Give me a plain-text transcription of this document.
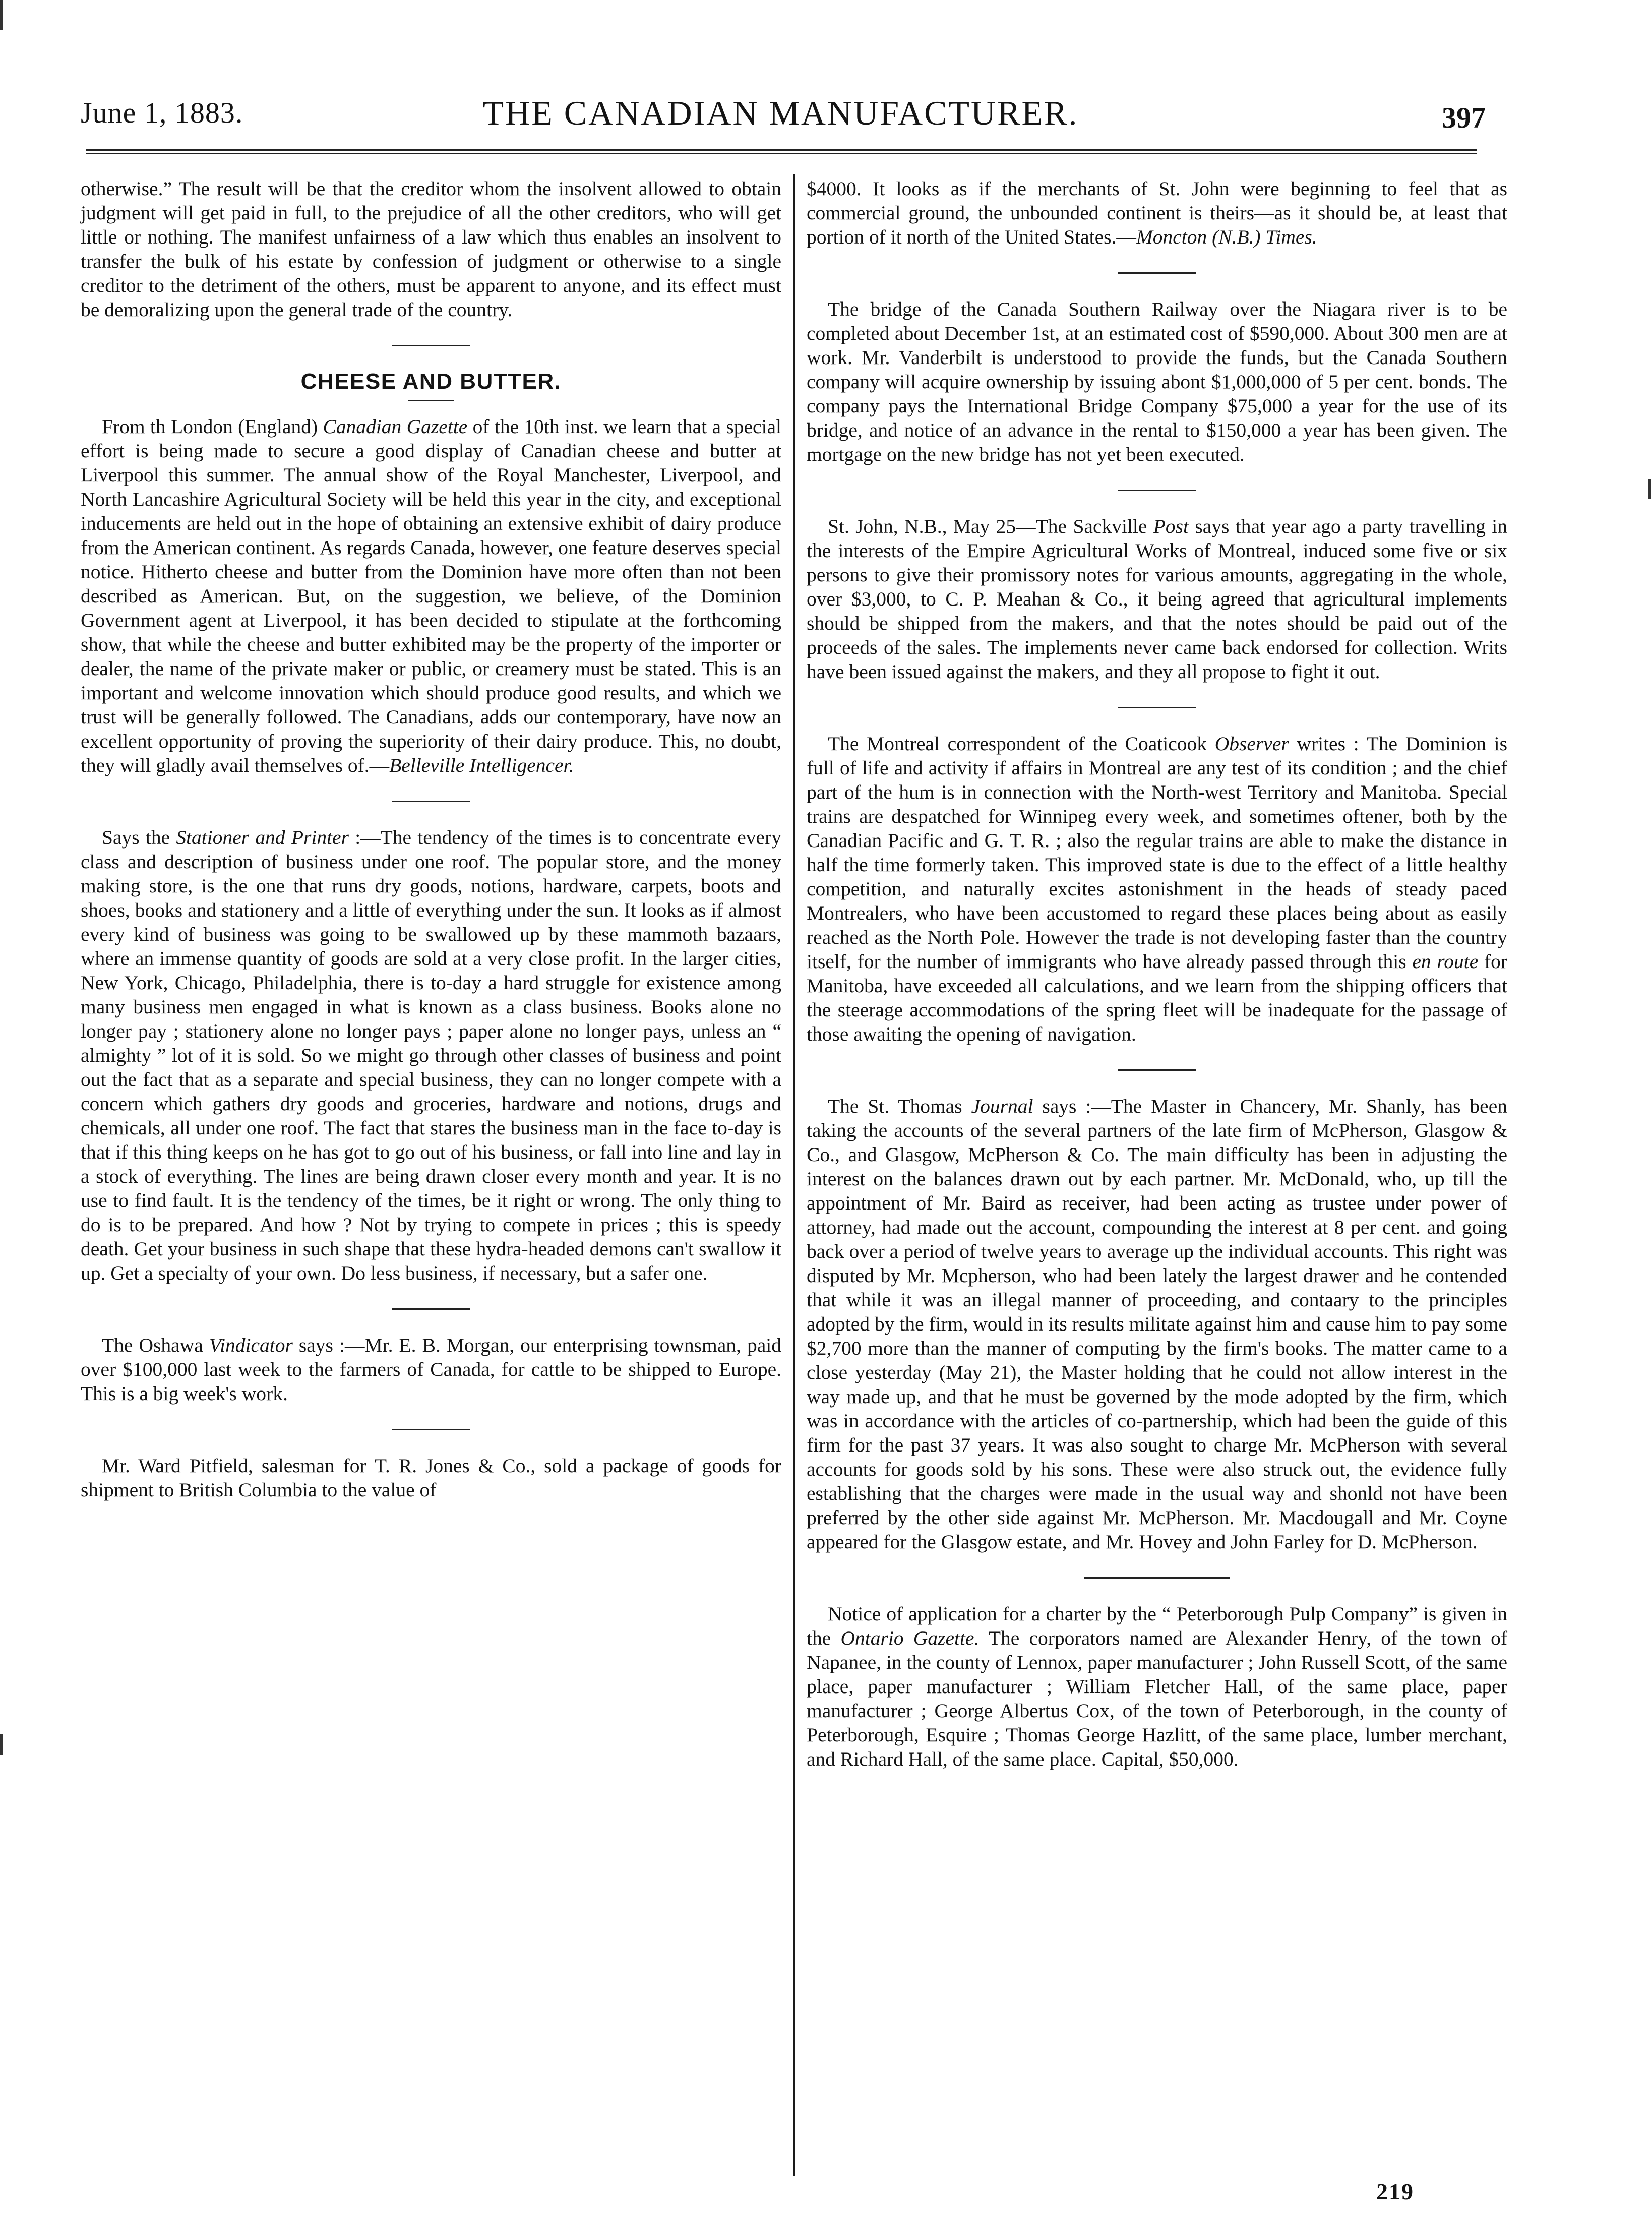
June 1, 1883.	THE CANADIAN MANUFACTURER.	397

otherwise.” The result will be that the creditor whom the insolvent allowed to obtain judgment will get paid in full, to the prejudice of all the other creditors, who will get little or nothing. The manifest unfairness of a law which thus enables an insolvent to transfer the bulk of his estate by confession of judgment or otherwise to a single creditor to the detriment of the others, must be apparent to anyone, and its effect must be demoralizing upon the general trade of the country.

CHEESE AND BUTTER.

From th London (England) Canadian Gazette of the 10th inst. we learn that a special effort is being made to secure a good display of Canadian cheese and butter at Liverpool this summer. The annual show of the Royal Manchester, Liverpool, and North Lancashire Agricultural Society will be held this year in the city, and exceptional inducements are held out in the hope of obtaining an extensive exhibit of dairy produce from the American continent. As regards Canada, however, one feature deserves special notice. Hitherto cheese and butter from the Dominion have more often than not been described as American. But, on the suggestion, we believe, of the Dominion Government agent at Liverpool, it has been decided to stipulate at the forthcoming show, that while the cheese and butter exhibited may be the property of the importer or dealer, the name of the private maker or public, or creamery must be stated. This is an important and welcome innovation which should produce good results, and which we trust will be generally followed. The Canadians, adds our contemporary, have now an excellent opportunity of proving the superiority of their dairy produce. This, no doubt, they will gladly avail themselves of.—Belleville Intelligencer.

Says the Stationer and Printer :—The tendency of the times is to concentrate every class and description of business under one roof. The popular store, and the money making store, is the one that runs dry goods, notions, hardware, carpets, boots and shoes, books and stationery and a little of everything under the sun. It looks as if almost every kind of business was going to be swallowed up by these mammoth bazaars, where an immense quantity of goods are sold at a very close profit. In the larger cities, New York, Chicago, Philadelphia, there is to-day a hard struggle for existence among many business men engaged in what is known as a class business. Books alone no longer pay ; stationery alone no longer pays ; paper alone no longer pays, unless an “ almighty ” lot of it is sold. So we might go through other classes of business and point out the fact that as a separate and special business, they can no longer compete with a concern which gathers dry goods and groceries, hardware and notions, drugs and chemicals, all under one roof. The fact that stares the business man in the face to-day is that if this thing keeps on he has got to go out of his business, or fall into line and lay in a stock of everything. The lines are being drawn closer every month and year. It is no use to find fault. It is the tendency of the times, be it right or wrong. The only thing to do is to be prepared. And how ? Not by trying to compete in prices ; this is speedy death. Get your business in such shape that these hydra-headed demons can't swallow it up. Get a specialty of your own. Do less business, if necessary, but a safer one.

The Oshawa Vindicator says :—Mr. E. B. Morgan, our enterprising townsman, paid over $100,000 last week to the farmers of Canada, for cattle to be shipped to Europe. This is a big week's work.

Mr. Ward Pitfield, salesman for T. R. Jones & Co., sold a package of goods for shipment to British Columbia to the value of

$4000. It looks as if the merchants of St. John were beginning to feel that as commercial ground, the unbounded continent is theirs—as it should be, at least that portion of it north of the United States.—Moncton (N.B.) Times.

The bridge of the Canada Southern Railway over the Niagara river is to be completed about December 1st, at an estimated cost of $590,000. About 300 men are at work. Mr. Vanderbilt is understood to provide the funds, but the Canada Southern company will acquire ownership by issuing abont $1,000,000 of 5 per cent. bonds. The company pays the International Bridge Company $75,000 a year for the use of its bridge, and notice of an advance in the rental to $150,000 a year has been given. The mortgage on the new bridge has not yet been executed.

St. John, N.B., May 25—The Sackville Post says that year ago a party travelling in the interests of the Empire Agricultural Works of Montreal, induced some five or six persons to give their promissory notes for various amounts, aggregating in the whole, over $3,000, to C. P. Meahan & Co., it being agreed that agricultural implements should be shipped from the makers, and that the notes should be paid out of the proceeds of the sales. The implements never came back endorsed for collection. Writs have been issued against the makers, and they all propose to fight it out.

The Montreal correspondent of the Coaticook Observer writes : The Dominion is full of life and activity if affairs in Montreal are any test of its condition ; and the chief part of the hum is in connection with the North-west Territory and Manitoba. Special trains are despatched for Winnipeg every week, and sometimes oftener, both by the Canadian Pacific and G. T. R. ; also the regular trains are able to make the distance in half the time formerly taken. This improved state is due to the effect of a little healthy competition, and naturally excites astonishment in the heads of steady paced Montrealers, who have been accustomed to regard these places being about as easily reached as the North Pole. However the trade is not developing faster than the country itself, for the number of immigrants who have already passed through this en route for Manitoba, have exceeded all calculations, and we learn from the shipping officers that the steerage accommodations of the spring fleet will be inadequate for the passage of those awaiting the opening of navigation.

The St. Thomas Journal says :—The Master in Chancery, Mr. Shanly, has been taking the accounts of the several partners of the late firm of McPherson, Glasgow & Co., and Glasgow, McPherson & Co. The main difficulty has been in adjusting the interest on the balances drawn out by each partner. Mr. McDonald, who, up till the appointment of Mr. Baird as receiver, had been acting as trustee under power of attorney, had made out the account, compounding the interest at 8 per cent. and going back over a period of twelve years to average up the individual accounts. This right was disputed by Mr. Mcpherson, who had been lately the largest drawer and he contended that while it was an illegal manner of proceeding, and contaary to the principles adopted by the firm, would in its results militate against him and cause him to pay some $2,700 more than the manner of computing by the firm's books. The matter came to a close yesterday (May 21), the Master holding that he could not allow interest in the way made up, and that he must be governed by the mode adopted by the firm, which was in accordance with the articles of co-partnership, which had been the guide of this firm for the past 37 years. It was also sought to charge Mr. McPherson with several accounts for goods sold by his sons. These were also struck out, the evidence fully establishing that the charges were made in the usual way and shonld not have been preferred by the other side against Mr. McPherson. Mr. Macdougall and Mr. Coyne appeared for the Glasgow estate, and Mr. Hovey and John Farley for D. McPherson.

Notice of application for a charter by the “ Peterborough Pulp Company” is given in the Ontario Gazette. The corporators named are Alexander Henry, of the town of Napanee, in the county of Lennox, paper manufacturer ; John Russell Scott, of the same place, paper manufacturer ; William Fletcher Hall, of the same place, paper manufacturer ; George Albertus Cox, of the town of Peterborough, in the county of Peterborough, Esquire ; Thomas George Hazlitt, of the same place, lumber merchant, and Richard Hall, of the same place. Capital, $50,000.

219
